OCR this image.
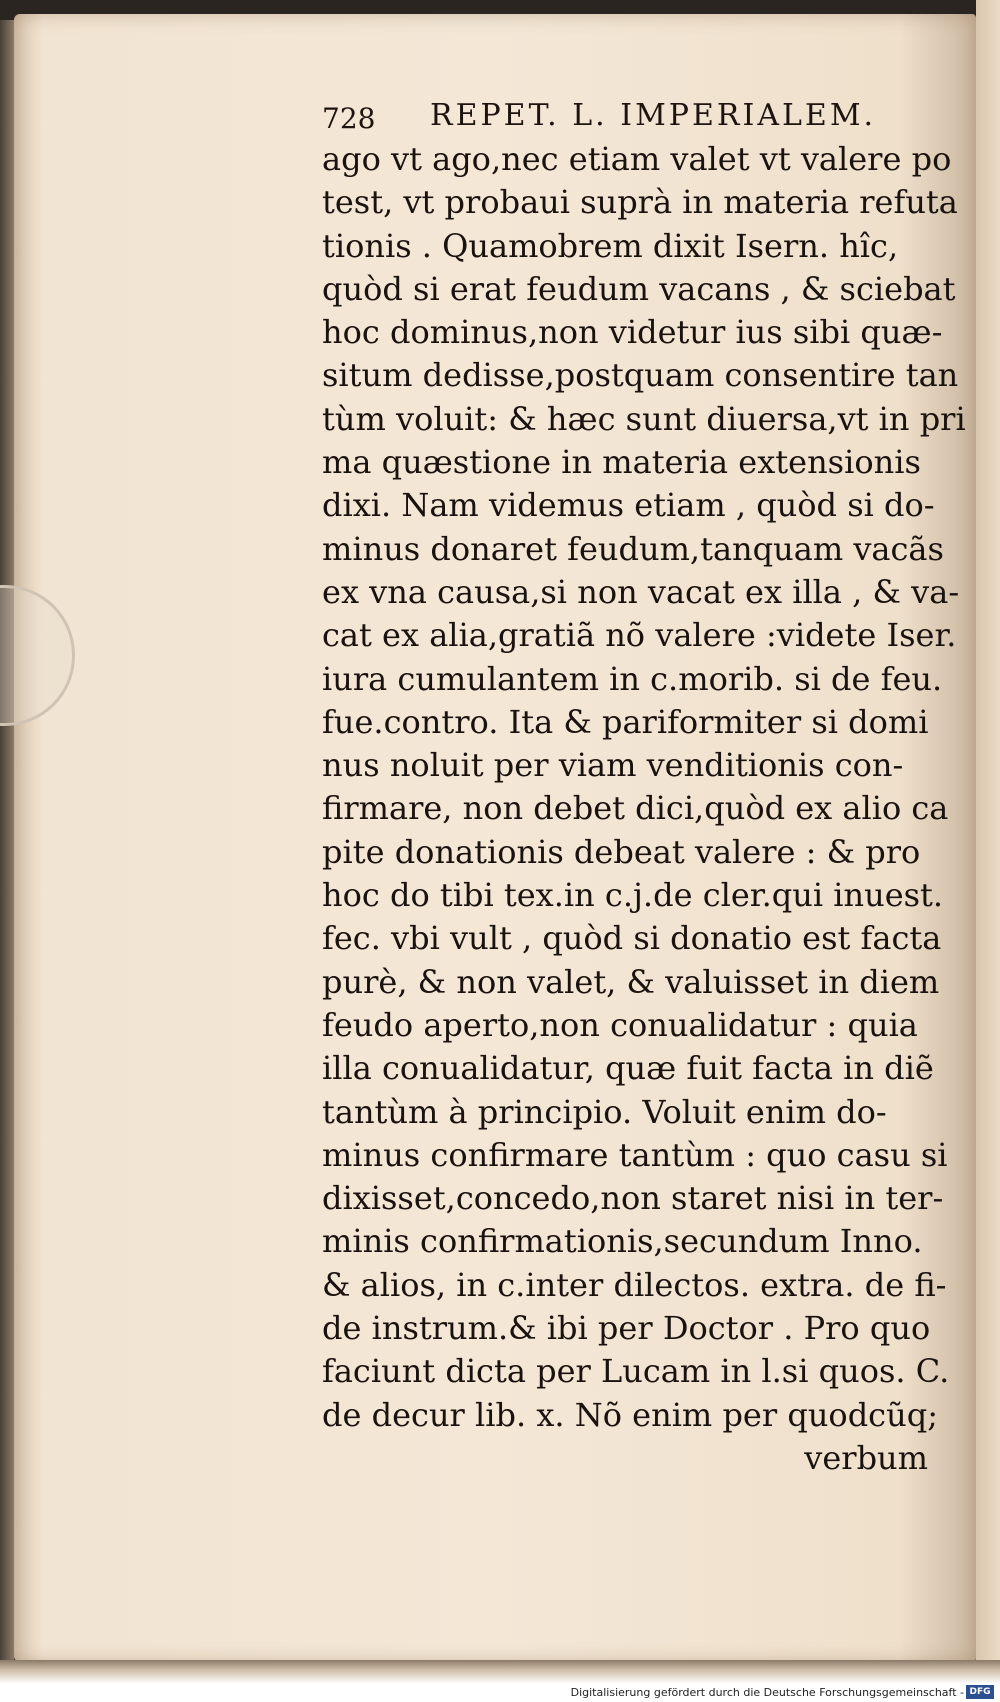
728 REPET. L. IMPERIALEM.
ago vt ago,nec etiam valet vt valere po
test, vt probaui suprà in materia refuta
tionis . Quamobrem dixit Isern. hîc,
quòd si erat feudum vacans , & sciebat
hoc dominus,non videtur ius sibi quæ-
situm dedisse,postquam consentire tan
tùm voluit: & hæc sunt diuersa,vt in pri
ma quæstione in materia extensionis
dixi. Nam videmus etiam , quòd si do-
minus donaret feudum,tanquam vacãs
ex vna causa,si non vacat ex illa , & va-
cat ex alia,gratiã nõ valere :videte Iser.
iura cumulantem in c.morib. si de feu.
fue.contro. Ita & pariformiter si domi
nus noluit per viam venditionis con-
firmare, non debet dici,quòd ex alio ca
pite donationis debeat valere : & pro
hoc do tibi tex.in c.j.de cler.qui inuest.
fec. vbi vult , quòd si donatio est facta
purè, & non valet, & valuisset in diem
feudo aperto,non conualidatur : quia
illa conualidatur, quæ fuit facta in diẽ
tantùm à principio. Voluit enim do-
minus confirmare tantùm : quo casu si
dixisset,concedo,non staret nisi in ter-
minis confirmationis,secundum Inno.
& alios, in c.inter dilectos. extra. de fi-
de instrum.& ibi per Doctor . Pro quo
faciunt dicta per Lucam in l.si quos. C.
de decur lib. x. Nõ enim per quodcũq;
verbum
Digitalisierung gefördert durch die Deutsche Forschungsgemeinschaft - DFG
